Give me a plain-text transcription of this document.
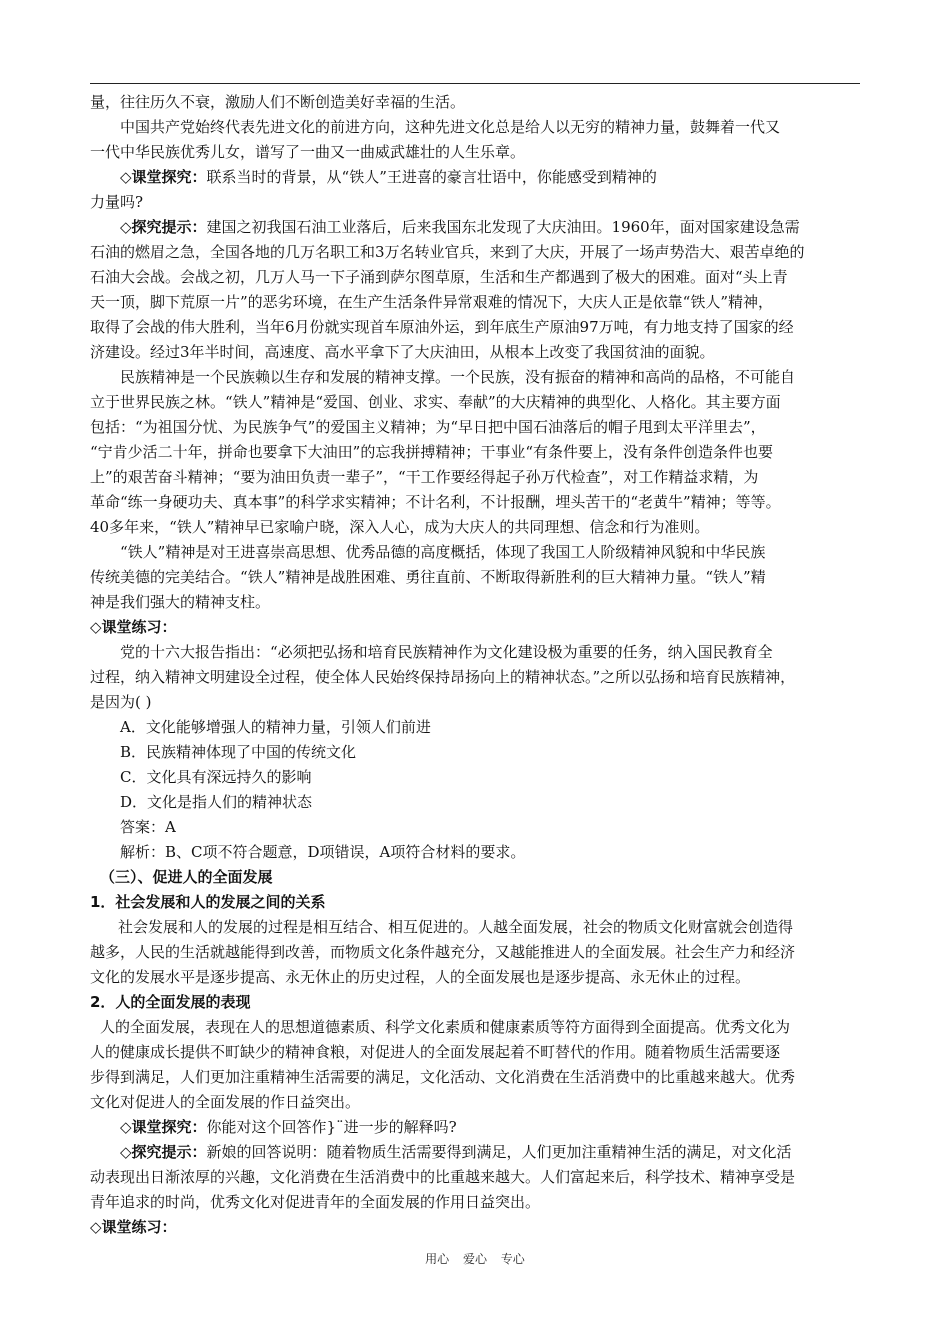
量，往往历久不衰，激励人们不断创造美好幸福的生活。

中国共产党始终代表先进文化的前进方向，这种先进文化总是给人以无穷的精神力量，鼓舞着一代又

一代中华民族优秀儿女，谱写了一曲又一曲威武雄壮的人生乐章。

◇课堂探究：联系当时的背景，从“铁人”王进喜的豪言壮语中，你能感受到精神的

力量吗?

◇探究提示：建国之初我国石油工业落后，后来我国东北发现了大庆油田。1960年，面对国家建设急需

石油的燃眉之急，全国各地的几万名职工和3万名转业官兵，来到了大庆，开展了一场声势浩大、艰苦卓绝的

石油大会战。会战之初，几万人马一下子涌到萨尔图草原，生活和生产都遇到了极大的困难。面对“头上青

天一顶，脚下荒原一片”的恶劣环境，在生产生活条件异常艰难的情况下，大庆人正是依靠“铁人”精神，

取得了会战的伟大胜利，当年6月份就实现首车原油外运，到年底生产原油97万吨，有力地支持了国家的经

济建设。经过3年半时间，高速度、高水平拿下了大庆油田，从根本上改变了我国贫油的面貌。

民族精神是一个民族赖以生存和发展的精神支撑。一个民族，没有振奋的精神和高尚的品格，不可能自

立于世界民族之林。“铁人”精神是“爱国、创业、求实、奉献”的大庆精神的典型化、人格化。其主要方面

包括：“为祖国分忧、为民族争气”的爱国主义精神；为“早日把中国石油落后的帽子甩到太平洋里去”，

“宁肯少活二十年，拼命也要拿下大油田”的忘我拼搏精神；干事业“有条件要上，没有条件创造条件也要

上”的艰苦奋斗精神；“要为油田负责一辈子”，“干工作要经得起子孙万代检查”，对工作精益求精，为

革命“练一身硬功夫、真本事”的科学求实精神；不计名利，不计报酬，埋头苦干的“老黄牛”精神；等等。

40多年来，“铁人”精神早已家喻户晓，深入人心，成为大庆人的共同理想、信念和行为准则。

“铁人”精神是对王进喜崇高思想、优秀品德的高度概括，体现了我国工人阶级精神风貌和中华民族

传统美德的完美结合。“铁人”精神是战胜困难、勇往直前、不断取得新胜利的巨大精神力量。“铁人”精

神是我们强大的精神支柱。

◇课堂练习：

党的十六大报告指出：“必须把弘扬和培育民族精神作为文化建设极为重要的任务，纳入国民教育全

过程，纳入精神文明建设全过程，使全体人民始终保持昂扬向上的精神状态。”之所以弘扬和培育民族精神，

是因为( )

A．文化能够增强人的精神力量，引领人们前进

B．民族精神体现了中国的传统文化

C．文化具有深远持久的影响

D．文化是指人们的精神状态

答案：A

解析：B、C项不符合题意，D项错误，A项符合材料的要求。

（三）、促进人的全面发展

1．社会发展和人的发展之间的关系

社会发展和人的发展的过程是相互结合、相互促进的。人越全面发展，社会的物质文化财富就会创造得

越多，人民的生活就越能得到改善，而物质文化条件越充分，又越能推进人的全面发展。社会生产力和经济

文化的发展水平是逐步提高、永无休止的历史过程，人的全面发展也是逐步提高、永无休止的过程。

2．人的全面发展的表现

人的全面发展，表现在人的思想道德素质、科学文化素质和健康素质等符方面得到全面提高。优秀文化为

人的健康成长提供不町缺少的精神食粮，对促进人的全面发展起着不町替代的作用。随着物质生活需要逐

步得到满足，人们更加注重精神生活需要的满足，文化活动、文化消费在生活消费中的比重越来越大。优秀

文化对促进人的全面发展的作日益突出。

◇课堂探究：你能对这个回答作}¨进一步的解释吗?

◇探究提示：新娘的回答说明：随着物质生活需要得到满足，人们更加注重精神生活的满足，对文化活

动表现出日渐浓厚的兴趣，文化消费在生活消费中的比重越来越大。人们富起来后，科学技术、精神享受是

青年追求的时尚，优秀文化对促进青年的全面发展的作用日益突出。

◇课堂练习：

用心 爱心 专心
